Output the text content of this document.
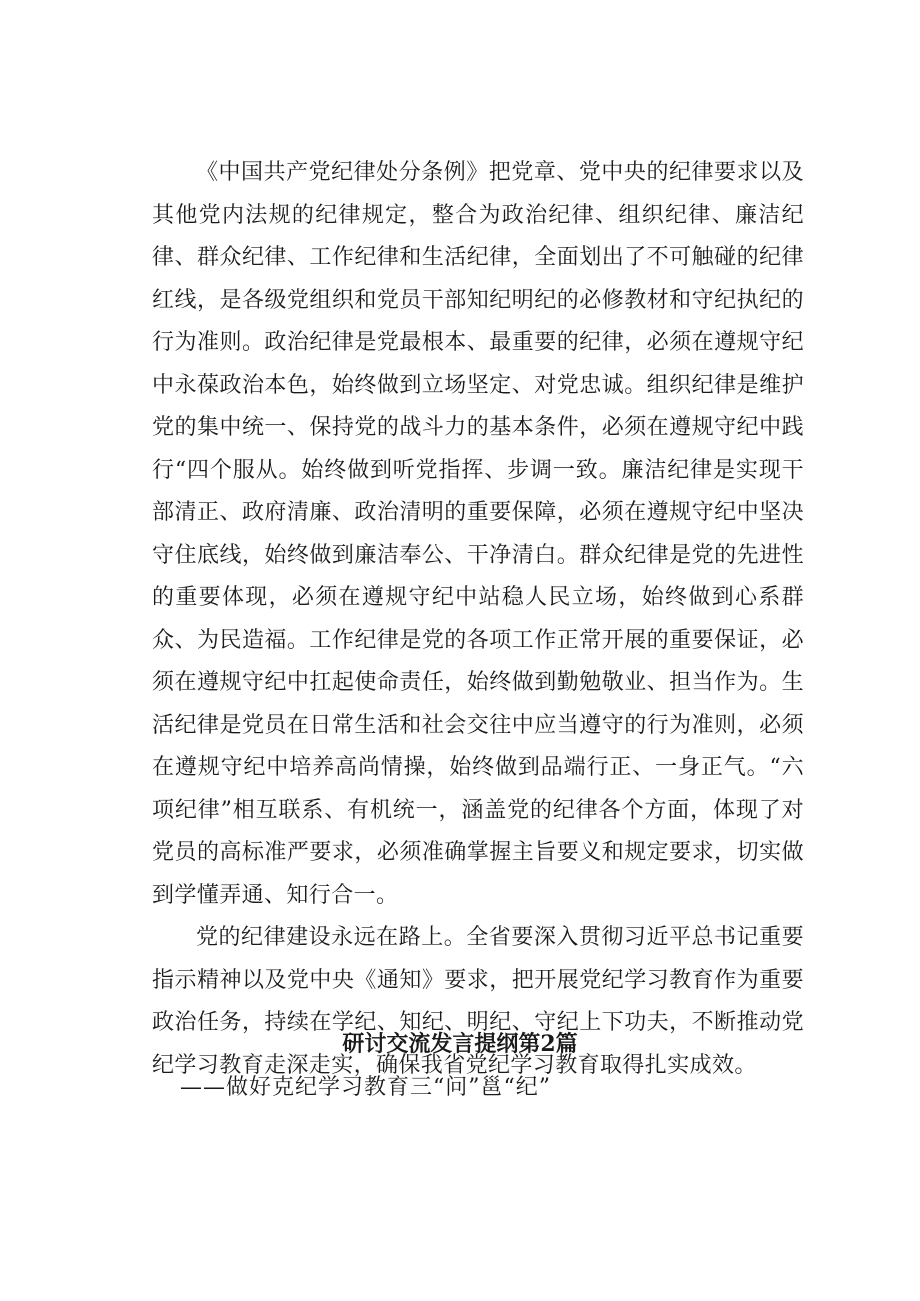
《中国共产党纪律处分条例》把党章、党中央的纪律要求以及其他党内法规的纪律规定，整合为政治纪律、组织纪律、廉洁纪律、群众纪律、工作纪律和生活纪律，全面划出了不可触碰的纪律红线，是各级党组织和党员干部知纪明纪的必修教材和守纪执纪的行为准则。政治纪律是党最根本、最重要的纪律，必须在遵规守纪中永葆政治本色，始终做到立场坚定、对党忠诚。组织纪律是维护党的集中统一、保持党的战斗力的基本条件，必须在遵规守纪中践行“四个服从。始终做到听党指挥、步调一致。廉洁纪律是实现干部清正、政府清廉、政治清明的重要保障，必须在遵规守纪中坚决守住底线，始终做到廉洁奉公、干净清白。群众纪律是党的先进性的重要体现，必须在遵规守纪中站稳人民立场，始终做到心系群众、为民造福。工作纪律是党的各项工作正常开展的重要保证，必须在遵规守纪中扛起使命责任，始终做到勤勉敬业、担当作为。生活纪律是党员在日常生活和社会交往中应当遵守的行为准则，必须在遵规守纪中培养高尚情操，始终做到品端行正、一身正气。“六项纪律”相互联系、有机统一，涵盖党的纪律各个方面，体现了对党员的高标准严要求，必须准确掌握主旨要义和规定要求，切实做到学懂弄通、知行合一。

党的纪律建设永远在路上。全省要深入贯彻习近平总书记重要指示精神以及党中央《通知》要求，把开展党纪学习教育作为重要政治任务，持续在学纪、知纪、明纪、守纪上下功夫，不断推动党纪学习教育走深走实，确保我省党纪学习教育取得扎实成效。

研讨交流发言提纲第2篇

——做好克纪学习教育三“问”邕“纪”
